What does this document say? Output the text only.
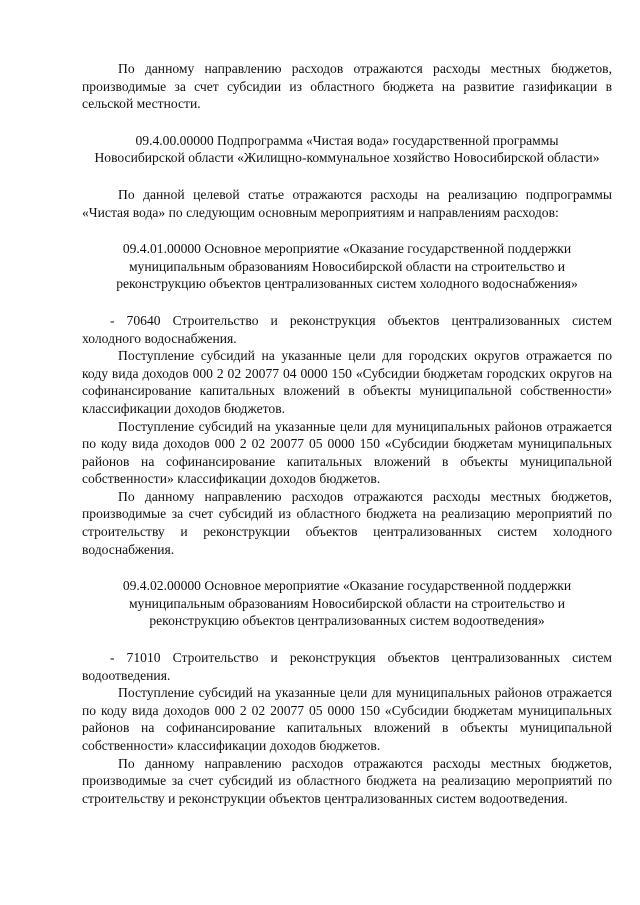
По данному направлению расходов отражаются расходы местных бюджетов, производимые за счет субсидии из областного бюджета на развитие газификации в сельской местности.

09.4.00.00000 Подпрограмма «Чистая вода» государственной программы Новосибирской области «Жилищно-коммунальное хозяйство Новосибирской области»

По данной целевой статье отражаются расходы на реализацию подпрограммы «Чистая вода» по следующим основным мероприятиям и направлениям расходов:

09.4.01.00000 Основное мероприятие «Оказание государственной поддержки муниципальным образованиям Новосибирской области на строительство и реконструкцию объектов централизованных систем холодного водоснабжения»

- 70640 Строительство и реконструкция объектов централизованных систем холодного водоснабжения.

Поступление субсидий на указанные цели для городских округов отражается по коду вида доходов 000 2 02 20077 04 0000 150 «Субсидии бюджетам городских округов на софинансирование капитальных вложений в объекты муниципальной собственности» классификации доходов бюджетов.

Поступление субсидий на указанные цели для муниципальных районов отражается по коду вида доходов 000 2 02 20077 05 0000 150 «Субсидии бюджетам муниципальных районов на софинансирование капитальных вложений в объекты муниципальной собственности» классификации доходов бюджетов.

По данному направлению расходов отражаются расходы местных бюджетов, производимые за счет субсидий из областного бюджета на реализацию мероприятий по строительству и реконструкции объектов централизованных систем холодного водоснабжения.

09.4.02.00000 Основное мероприятие «Оказание государственной поддержки муниципальным образованиям Новосибирской области на строительство и реконструкцию объектов централизованных систем водоотведения»

- 71010 Строительство и реконструкция объектов централизованных систем водоотведения.

Поступление субсидий на указанные цели для муниципальных районов отражается по коду вида доходов 000 2 02 20077 05 0000 150 «Субсидии бюджетам муниципальных районов на софинансирование капитальных вложений в объекты муниципальной собственности» классификации доходов бюджетов.

По данному направлению расходов отражаются расходы местных бюджетов, производимые за счет субсидий из областного бюджета на реализацию мероприятий по строительству и реконструкции объектов централизованных систем водоотведения.
